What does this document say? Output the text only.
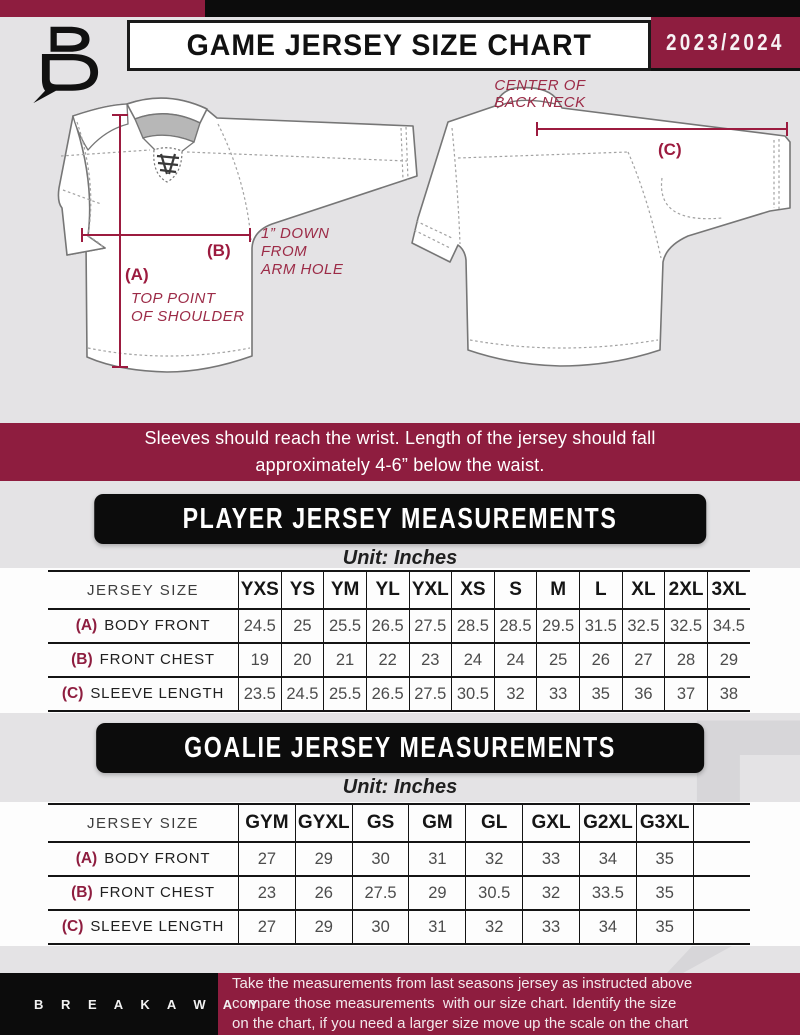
GAME JERSEY SIZE CHART	2023/2024
(B)
1” DOWN
FROM
ARM HOLE
(A)
TOP POINT
OF SHOULDER
(C)
CENTER OF
BACK NECK
Sleeves should reach the wrist. Length of the jersey should fall
approximately 4-6” below the waist.
PLAYER JERSEY MEASUREMENTS
Unit: Inches
JERSEY SIZE	YXS	YS	YM	YL	YXL	XS	S	M	L	XL	2XL	3XL
(A) BODY FRONT	24.5	25	25.5	26.5	27.5	28.5	28.5	29.5	31.5	32.5	32.5	34.5
(B) FRONT CHEST	19	20	21	22	23	24	24	25	26	27	28	29
(C) SLEEVE LENGTH	23.5	24.5	25.5	26.5	27.5	30.5	32	33	35	36	37	38
GOALIE JERSEY MEASUREMENTS
Unit: Inches
JERSEY SIZE	GYM	GYXL	GS	GM	GL	GXL	G2XL	G3XL	
(A) BODY FRONT	27	29	30	31	32	33	34	35	
(B) FRONT CHEST	23	26	27.5	29	30.5	32	33.5	35	
(C) SLEEVE LENGTH	27	29	30	31	32	33	34	35	
B R E A K A W A Y
Take the measurements from last seasons jersey as instructed above
compare those measurements  with our size chart. Identify the size
on the chart, if you need a larger size move up the scale on the chart
